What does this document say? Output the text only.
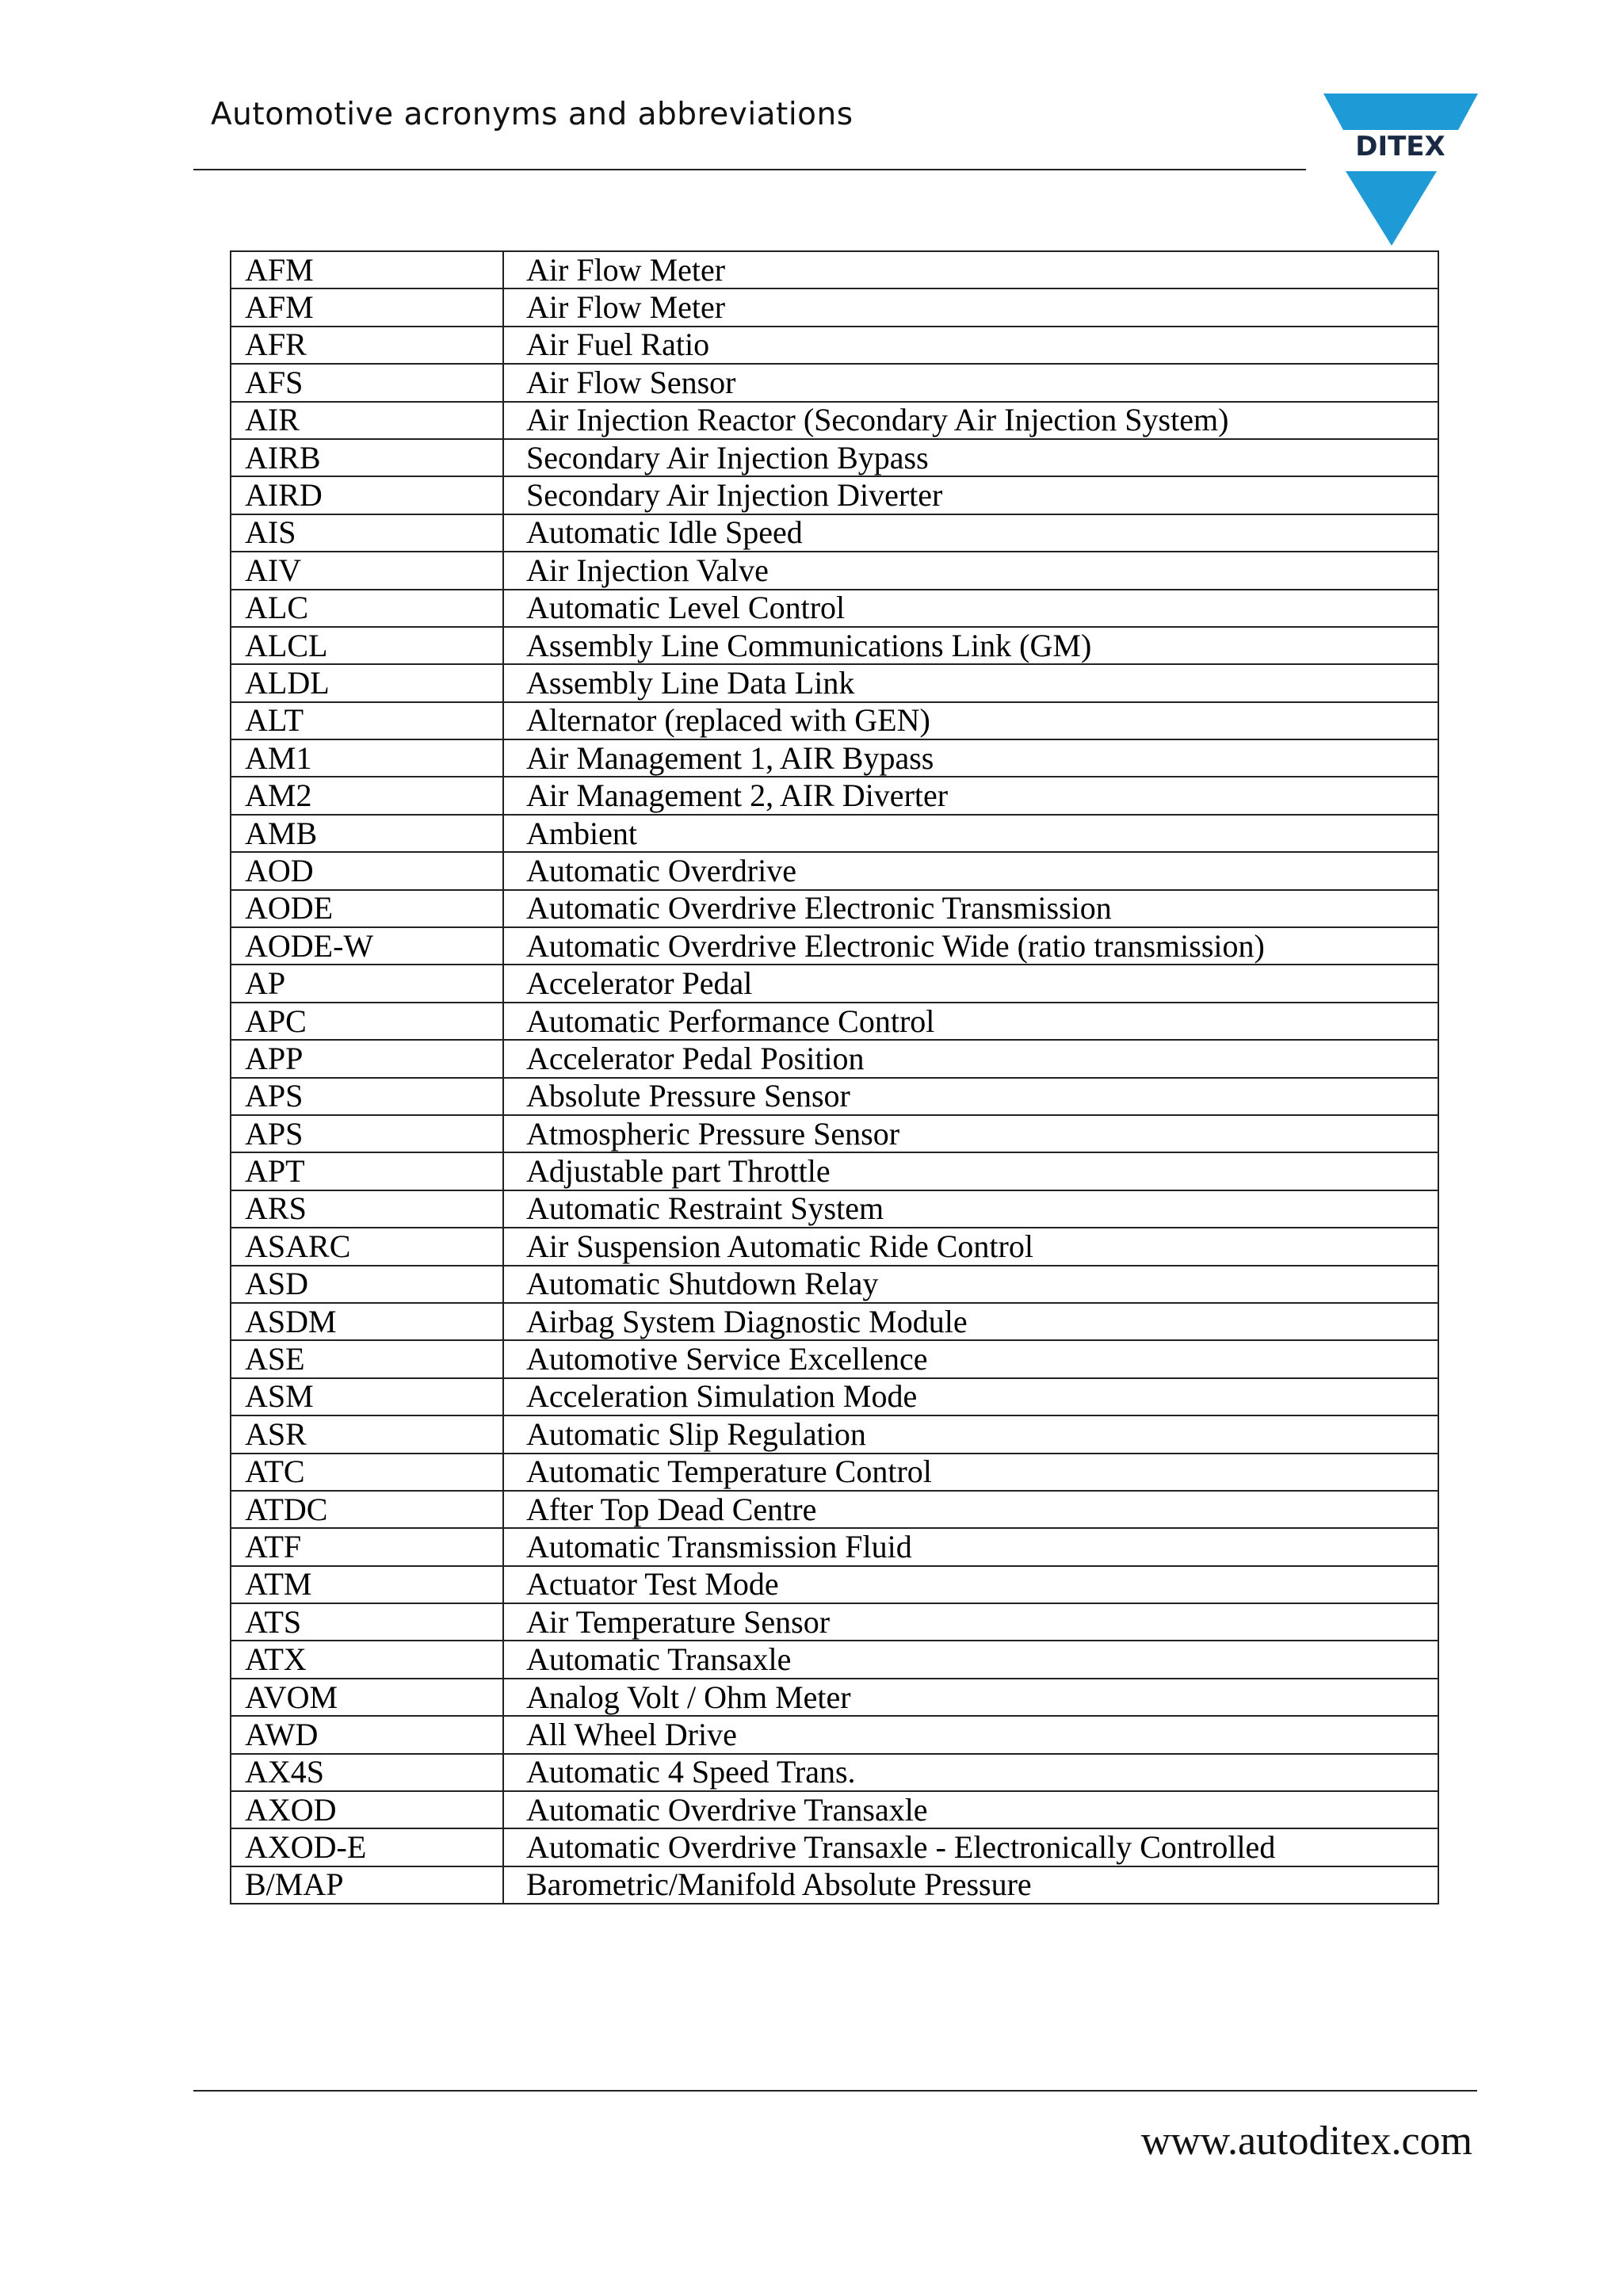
Automotive acronyms and abbreviations
DITEX
AFM	Air Flow Meter
AFM	Air Flow Meter
AFR	Air Fuel Ratio
AFS	Air Flow Sensor
AIR	Air Injection Reactor (Secondary Air Injection System)
AIRB	Secondary Air Injection Bypass
AIRD	Secondary Air Injection Diverter
AIS	Automatic Idle Speed
AIV	Air Injection Valve
ALC	Automatic Level Control
ALCL	Assembly Line Communications Link (GM)
ALDL	Assembly Line Data Link
ALT	Alternator (replaced with GEN)
AM1	Air Management 1, AIR Bypass
AM2	Air Management 2, AIR Diverter
AMB	Ambient
AOD	Automatic Overdrive
AODE	Automatic Overdrive Electronic Transmission
AODE-W	Automatic Overdrive Electronic Wide (ratio transmission)
AP	Accelerator Pedal
APC	Automatic Performance Control
APP	Accelerator Pedal Position
APS	Absolute Pressure Sensor
APS	Atmospheric Pressure Sensor
APT	Adjustable part Throttle
ARS	Automatic Restraint System
ASARC	Air Suspension Automatic Ride Control
ASD	Automatic Shutdown Relay
ASDM	Airbag System Diagnostic Module
ASE	Automotive Service Excellence
ASM	Acceleration Simulation Mode
ASR	Automatic Slip Regulation
ATC	Automatic Temperature Control
ATDC	After Top Dead Centre
ATF	Automatic Transmission Fluid
ATM	Actuator Test Mode
ATS	Air Temperature Sensor
ATX	Automatic Transaxle
AVOM	Analog Volt / Ohm Meter
AWD	All Wheel Drive
AX4S	Automatic 4 Speed Trans.
AXOD	Automatic Overdrive Transaxle
AXOD-E	Automatic Overdrive Transaxle - Electronically Controlled
B/MAP	Barometric/Manifold Absolute Pressure
www.autoditex.com
